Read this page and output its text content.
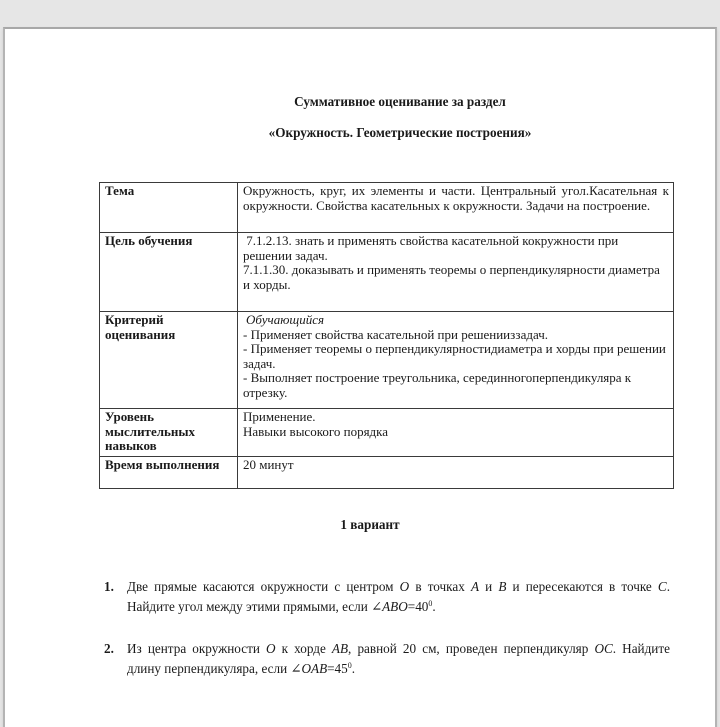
Суммативное оценивание за раздел
«Окружность. Геометрические построения»
Тема	Окружность, круг, их элементы и части. Центральный угол.Касательная к окружности. Свойства касательных к окружности. Задачи на построение.
Цель обучения	7.1.2.13. знать и применять свойства касательной кокружности при решении задач.
7.1.1.30. доказывать и применять теоремы о перпендикулярности диаметра и хорды.

Критерий оценивания	Обучающийся
- Применяет свойства касательной при решенииззадач.
- Применяет теоремы о перпендикулярностидиаметра и хорды при решении задач.
- Выполняет построение треугольника, серединногоперпендикуляра к отрезку.

Уровень мыслительных навыков	Применение.
Навыки высокого порядка

Время выполнения	20 минут
1 вариант
1. Две прямые касаются окружности с центром O в точках A и B и пересекаются в точке C. Найдите угол между этими прямыми, если $\angle ABO=40^0$.
2. Из центра окружности O к хорде AB, равной 20 см, проведен перпендикуляр OC. Найдите длину перпендикуляра, если $\angle OAB=45^0$.
